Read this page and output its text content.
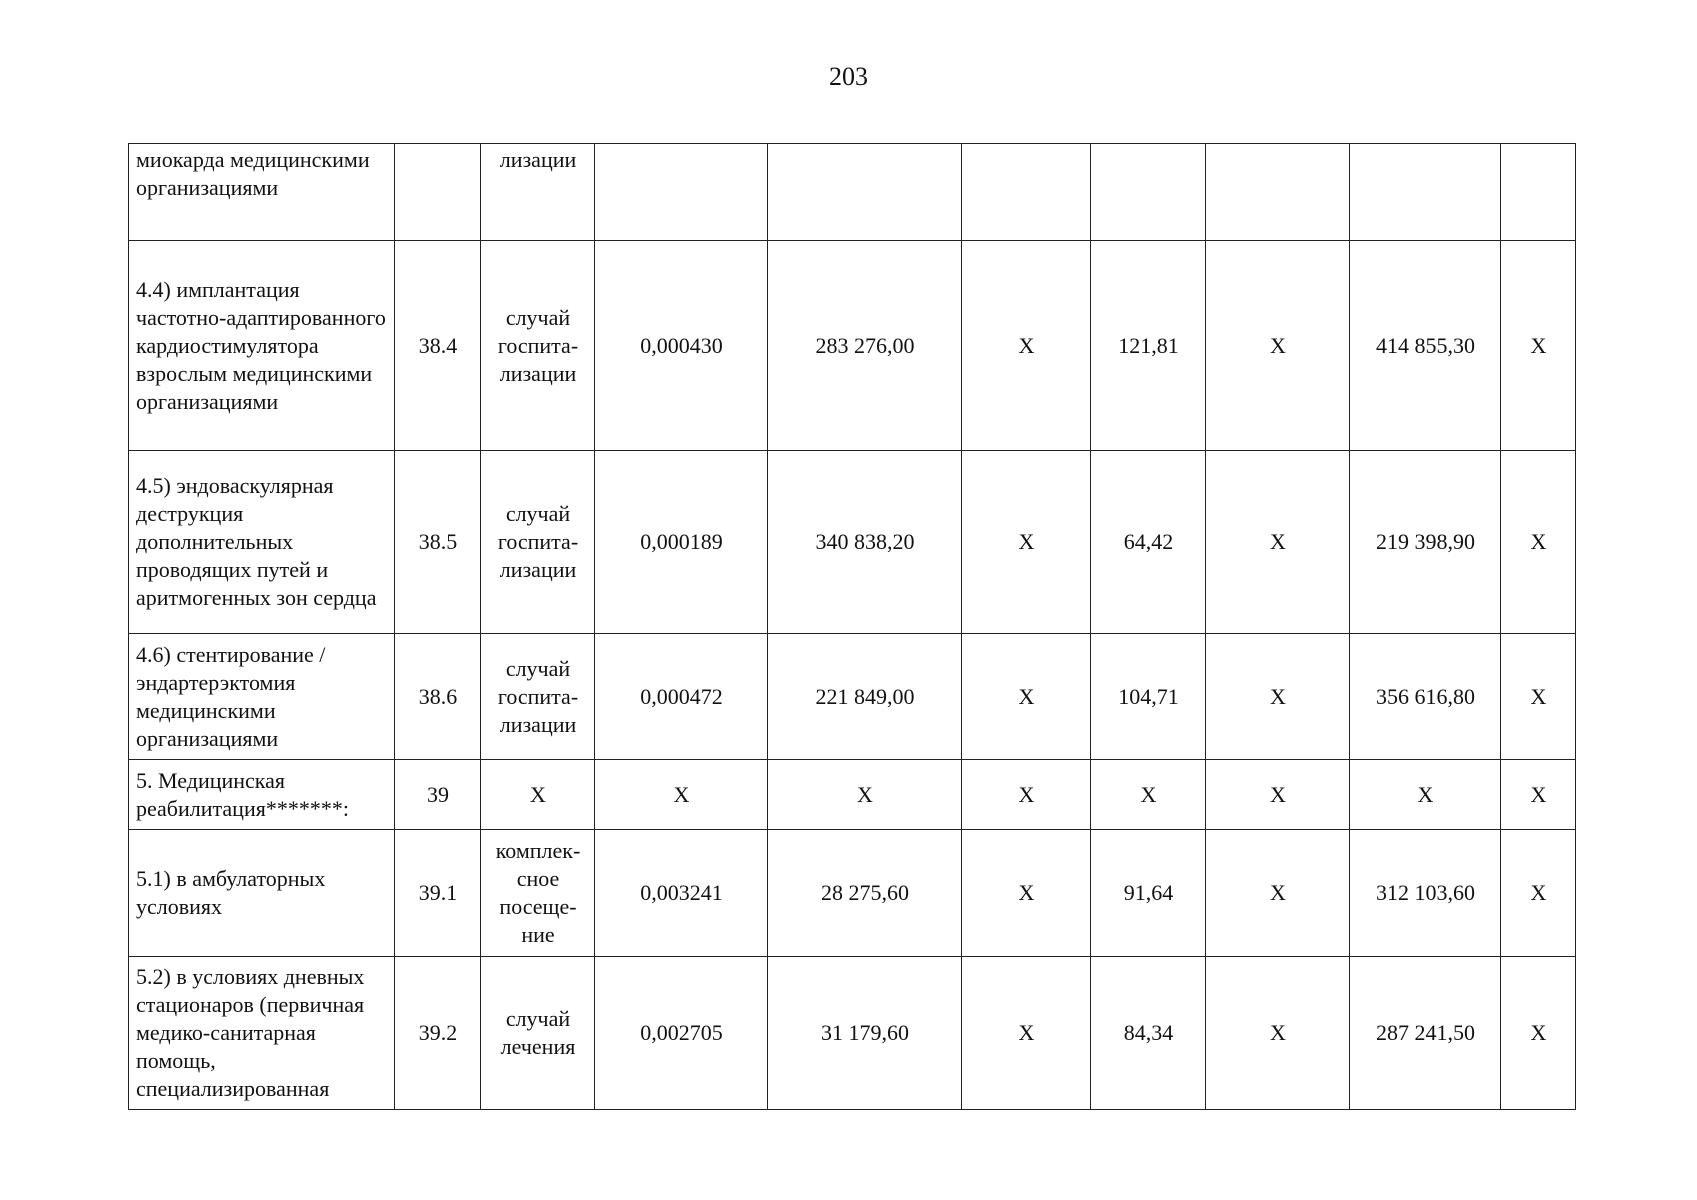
203
миокарда медицинскими организациями		лизации							
4.4) имплантация частотно-адаптированного кардиостимулятора взрослым медицинскими организациями	38.4	случай госпита-лизации	0,000430	283 276,00	X	121,81	X	414 855,30	X
4.5) эндоваскулярная деструкция дополнительных проводящих путей и аритмогенных зон сердца	38.5	случай госпита-лизации	0,000189	340 838,20	X	64,42	X	219 398,90	X
4.6) стентирование / эндартерэктомия медицинскими организациями	38.6	случай госпита-лизации	0,000472	221 849,00	X	104,71	X	356 616,80	X
5. Медицинская реабилитация*******:	39	X	X	X	X	X	X	X	X
5.1) в амбулаторных условиях	39.1	комплек-сное посеще-ние	0,003241	28 275,60	X	91,64	X	312 103,60	X
5.2) в условиях дневных стационаров (первичная медико-санитарная помощь, специализированная	39.2	случай лечения	0,002705	31 179,60	X	84,34	X	287 241,50	X
